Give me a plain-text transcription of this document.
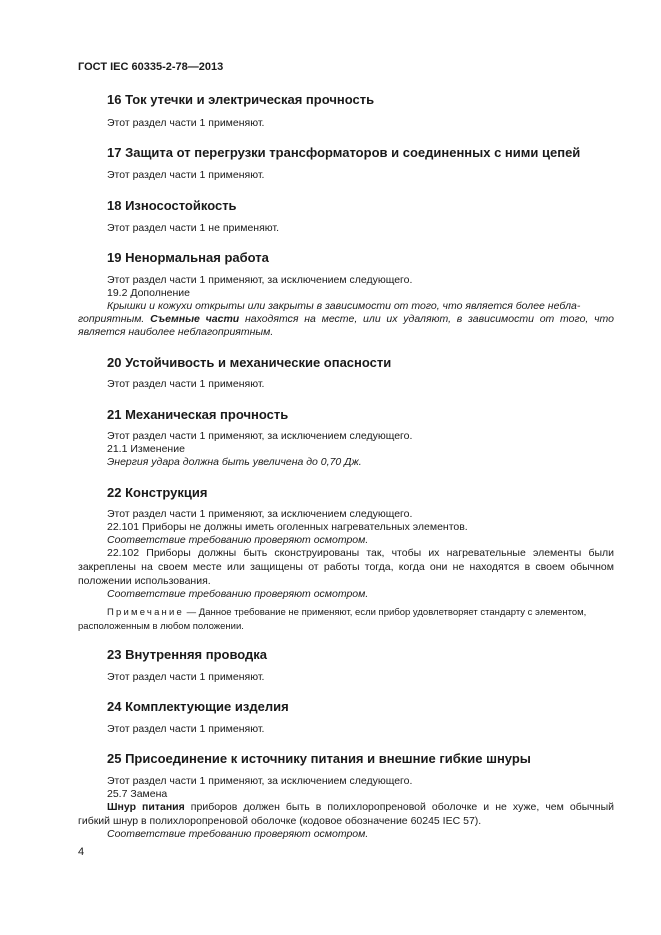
ГОСТ IEC 60335-2-78—2013
16 Ток утечки и электрическая прочность
Этот раздел части 1 применяют.
17 Защита от перегрузки трансформаторов и соединенных с ними цепей
Этот раздел части 1 применяют.
18 Износостойкость
Этот раздел части 1 не применяют.
19 Ненормальная работа
Этот раздел части 1 применяют, за исключением следующего.
19.2 Дополнение
Крышки и кожухи открыты или закрыты в зависимости от того, что является более небла-
гоприятным. Съемные части находятся на месте, или их удаляют, в зависимости от того, что
является наиболее неблагоприятным.
20 Устойчивость и механические опасности
Этот раздел части 1 применяют.
21 Механическая прочность
Этот раздел части 1 применяют, за исключением следующего.
21.1 Изменение
Энергия удара должна быть увеличена до 0,70 Дж.
22 Конструкция
Этот раздел части 1 применяют, за исключением следующего.
22.101 Приборы не должны иметь оголенных нагревательных элементов.
Соответствие требованию проверяют осмотром.
22.102 Приборы должны быть сконструированы так, чтобы их нагревательные элементы были
закреплены на своем месте или защищены от работы тогда, когда они не находятся в своем обычном
положении использования.
Соответствие требованию проверяют осмотром.
Примечание — Данное требование не применяют, если прибор удовлетворяет стандарту с элементом,
расположенным в любом положении.
23 Внутренняя проводка
Этот раздел части 1 применяют.
24 Комплектующие изделия
Этот раздел части 1 применяют.
25 Присоединение к источнику питания и внешние гибкие шнуры
Этот раздел части 1 применяют, за исключением следующего.
25.7 Замена
Шнур питания приборов должен быть в полихлоропреновой оболочке и не хуже, чем обычный
гибкий шнур в полихлоропреновой оболочке (кодовое обозначение 60245 IEC 57).
Соответствие требованию проверяют осмотром.
4
